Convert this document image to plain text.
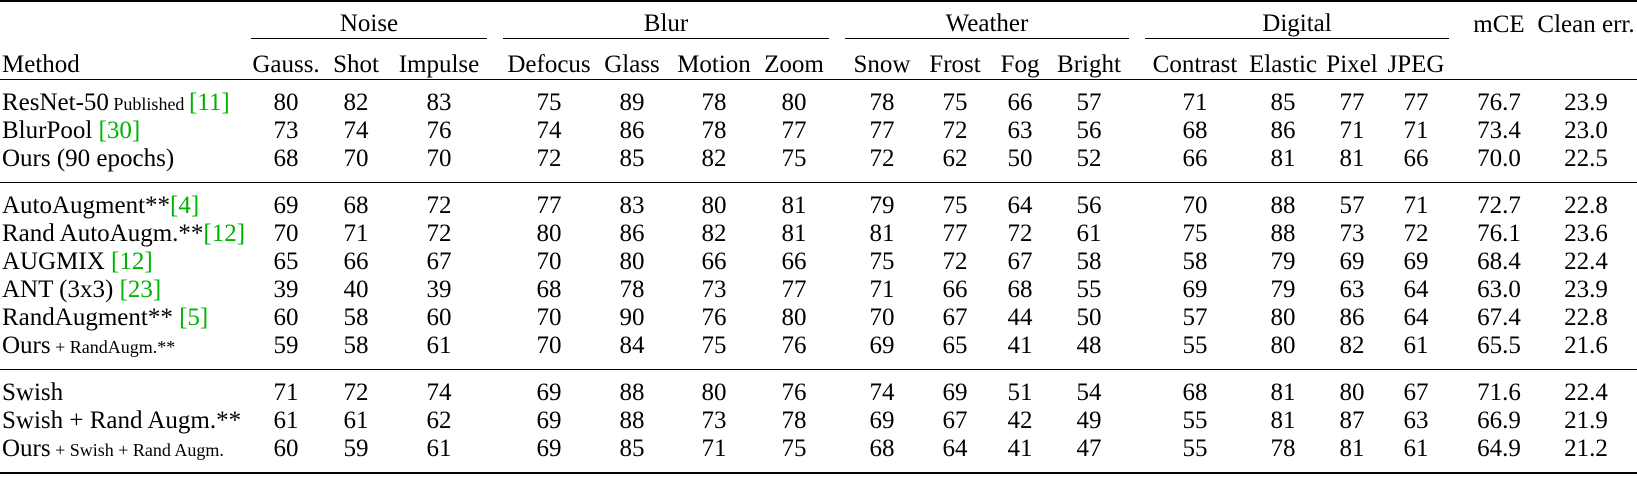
		Noise				Blur					Weather					Digital					mCE	Clean err.
Method		Gauss.	Shot	Impulse		Defocus	Glass	Motion	Zoom		Snow	Frost	Fog	Bright		Contrast	Elastic	Pixel	JPEG			

ResNet-50 Published [11]		80	82	83		75	89	78	80		78	75	66	57		71	85	77	77		76.7	23.9
BlurPool [30]		73	74	76		74	86	78	77		77	72	63	56		68	86	71	71		73.4	23.0
Ours (90 epochs)		68	70	70		72	85	82	75		72	62	50	52		66	81	81	66		70.0	22.5

AutoAugment**[4]		69	68	72		77	83	80	81		79	75	64	56		70	88	57	71		72.7	22.8
Rand AutoAugm.**[12]		70	71	72		80	86	82	81		81	77	72	61		75	88	73	72		76.1	23.6
AUGMIX [12]		65	66	67		70	80	66	66		75	72	67	58		58	79	69	69		68.4	22.4
ANT (3x3) [23]		39	40	39		68	78	73	77		71	66	68	55		69	79	63	64		63.0	23.9
RandAugment** [5]		60	58	60		70	90	76	80		70	67	44	50		57	80	86	64		67.4	22.8
Ours + RandAugm.**		59	58	61		70	84	75	76		69	65	41	48		55	80	82	61		65.5	21.6

Swish		71	72	74		69	88	80	76		74	69	51	54		68	81	80	67		71.6	22.4
Swish + Rand Augm.**		61	61	62		69	88	73	78		69	67	42	49		55	81	87	63		66.9	21.9
Ours + Swish + Rand Augm.		60	59	61		69	85	71	75		68	64	41	47		55	78	81	61		64.9	21.2
